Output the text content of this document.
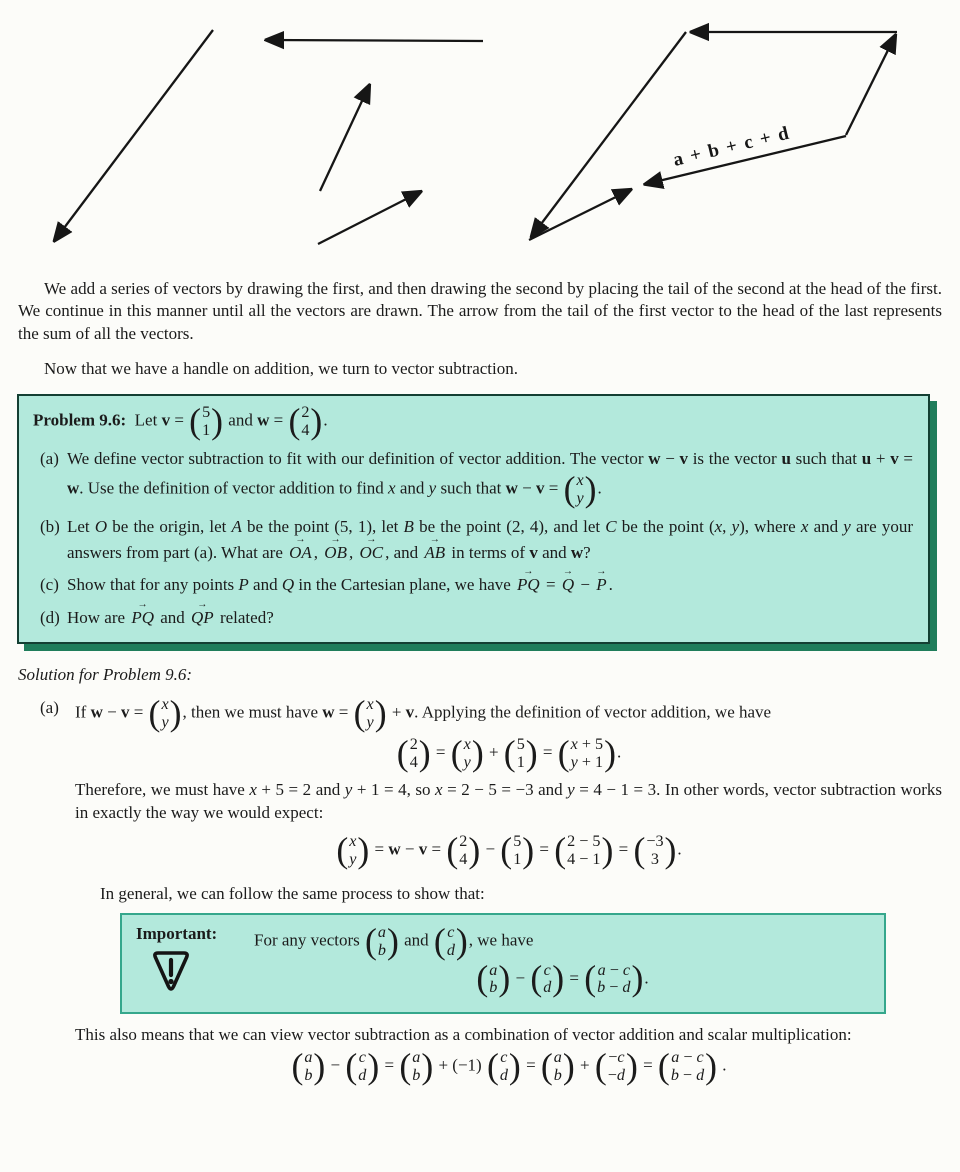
a + b + c + d

We add a series of vectors by drawing the first, and then drawing the second by placing the tail of the second at the head of the first. We continue in this manner until all the vectors are drawn. The arrow from the tail of the first vector to the head of the last represents the sum of all the vectors.

Now that we have a handle on addition, we turn to vector subtraction.

Problem 9.6:  Let v = ( 5
1 ) and w = ( 2
4 ) .
(a) We define vector subtraction to fit with our definition of vector addition. The vector w − v is the vector u such that u + v = w. Use the definition of vector addition to find x and y such that w − v = ( x
y ) .
(b) Let O be the origin, let A be the point (5, 1), let B be the point (2, 4), and let C be the point (x, y), where x and y are your answers from part (a). What are → OA , → OB , → OC , and → AB in terms of v and w?
(c) Show that for any points P and Q in the Cartesian plane, we have → PQ = → Q − → P .
(d) How are → PQ and → QP related?
Solution for Problem 9.6:
(a) If w − v = ( x
y ) , then we must have w = ( x
y ) + v. Applying the definition of vector addition, we have
( 2
4 ) = ( x
y ) + ( 5
1 ) = ( x + 5
y + 1 ) .
Therefore, we must have x + 5 = 2 and y + 1 = 4, so x = 2 − 5 = −3 and y = 4 − 1 = 3. In other words, vector subtraction works in exactly the way we would expect:
( x
y ) = w − v = ( 2
4 ) − ( 5
1 ) = ( 2 − 5
4 − 1 ) = ( −3
3 ) .
In general, we can follow the same process to show that:
Important:	For any vectors ( a
b ) and ( c
d ) , we have
( a
b ) − ( c
d ) = ( a − c
b − d ) .
This also means that we can view vector subtraction as a combination of vector addition and scalar multiplication:
( a
b ) − ( c
d ) = ( a
b ) + (−1) ( c
d ) = ( a
b ) + ( −c
−d ) = ( a − c
b − d ) .
